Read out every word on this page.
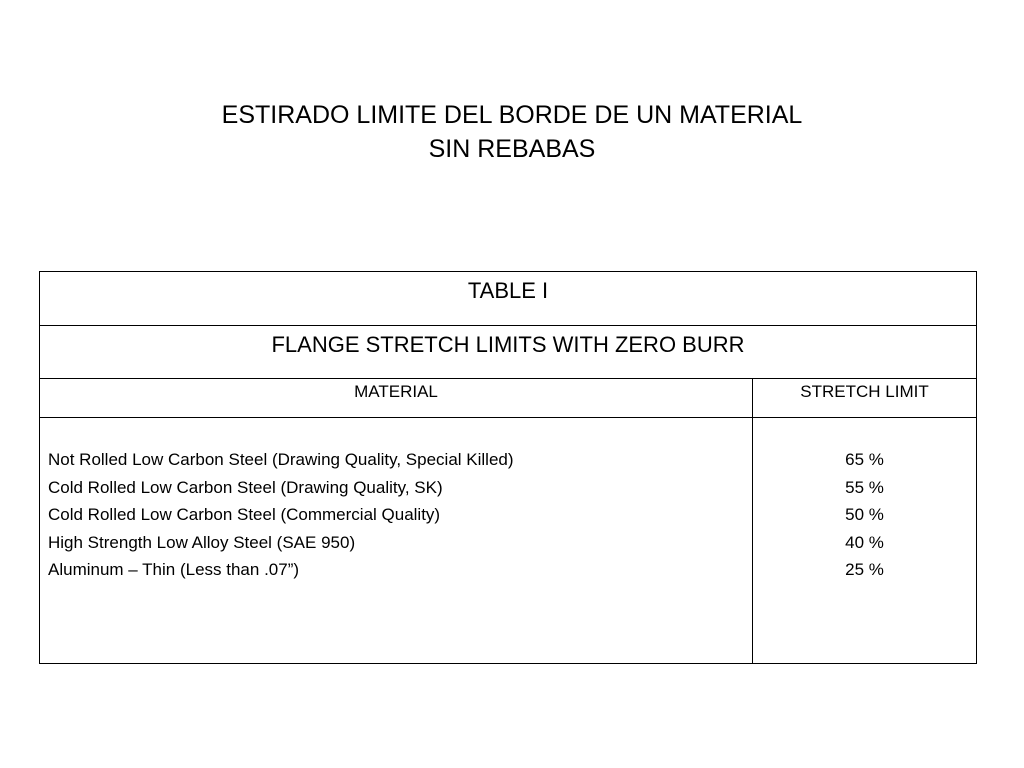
ESTIRADO LIMITE DEL BORDE DE UN MATERIAL
SIN REBABAS
TABLE I
FLANGE STRETCH LIMITS WITH ZERO BURR
MATERIAL	STRETCH LIMIT
Not Rolled Low Carbon Steel (Drawing Quality, Special Killed)
Cold Rolled Low Carbon Steel (Drawing Quality, SK)
Cold Rolled Low Carbon Steel (Commercial Quality)
High Strength Low Alloy Steel (SAE 950)
Aluminum – Thin (Less than .07”)
65 %
55 %
50 %
40 %
25 %
